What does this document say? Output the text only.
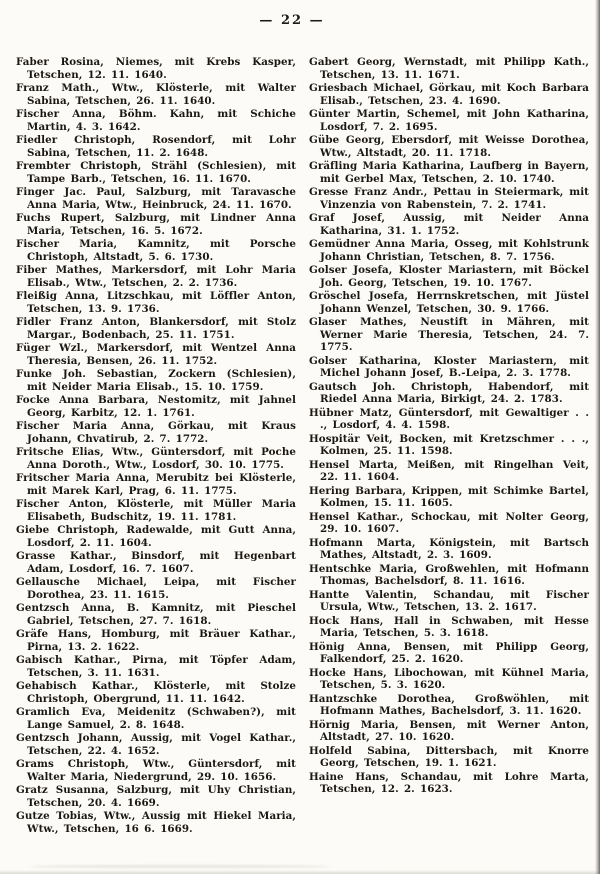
— 22 —

Faber Rosina, Niemes, mit Krebs Kasper, Tetschen, 12. 11. 1640.

Franz Math., Wtw., Klösterle, mit Walter Sabina, Tetschen, 26. 11. 1640.

Fischer Anna, Böhm. Kahn, mit Schiche Martin, 4. 3. 1642.

Fiedler Christoph, Rosendorf, mit Lohr Sabina, Tetschen, 11. 2. 1648.

Frembter Christoph, Strähl (Schlesien), mit Tampe Barb., Tetschen, 16. 11. 1670.

Finger Jac. Paul, Salzburg, mit Taravasche Anna Maria, Wtw., Heinbruck, 24. 11. 1670.

Fuchs Rupert, Salzburg, mit Lindner Anna Maria, Tetschen, 16. 5. 1672.

Fischer Maria, Kamnitz, mit Porsche Christoph, Altstadt, 5. 6. 1730.

Fiber Mathes, Markersdorf, mit Lohr Maria Elisab., Wtw., Tetschen, 2. 2. 1736.

Fleißig Anna, Litzschkau, mit Löffler Anton, Tetschen, 13. 9. 1736.

Fidler Franz Anton, Blankersdorf, mit Stolz Margar., Bodenbach, 25. 11. 1751.

Füger Wzl., Markersdorf, mit Wentzel Anna Theresia, Bensen, 26. 11. 1752.

Funke Joh. Sebastian, Zockern (Schlesien), mit Neider Maria Elisab., 15. 10. 1759.

Focke Anna Barbara, Nestomitz, mit Jahnel Georg, Karbitz, 12. 1. 1761.

Fischer Maria Anna, Görkau, mit Kraus Johann, Chvatirub, 2. 7. 1772.

Fritsche Elias, Wtw., Güntersdorf, mit Poche Anna Doroth., Wtw., Losdorf, 30. 10. 1775.

Fritscher Maria Anna, Merubitz bei Klösterle, mit Marek Karl, Prag, 6. 11. 1775.

Fischer Anton, Klösterle, mit Müller Maria Elisabeth, Budschitz, 19. 11. 1781.

Giebe Christoph, Radewalde, mit Gutt Anna, Losdorf, 2. 11. 1604.

Grasse Kathar., Binsdorf, mit Hegenbart Adam, Losdorf, 16. 7. 1607.

Gellausche Michael, Leipa, mit Fischer Dorothea, 23. 11. 1615.

Gentzsch Anna, B. Kamnitz, mit Pieschel Gabriel, Tetschen, 27. 7. 1618.

Gräfe Hans, Homburg, mit Bräuer Kathar., Pirna, 13. 2. 1622.

Gabisch Kathar., Pirna, mit Töpfer Adam, Tetschen, 3. 11. 1631.

Gehabisch Kathar., Klösterle, mit Stolze Christoph, Obergrund, 11. 11. 1642.

Gramlich Eva, Meidenitz (Schwaben?), mit Lange Samuel, 2. 8. 1648.

Gentzsch Johann, Aussig, mit Vogel Kathar., Tetschen, 22. 4. 1652.

Grams Christoph, Wtw., Güntersdorf, mit Walter Maria, Niedergrund, 29. 10. 1656.

Gratz Susanna, Salzburg, mit Uhy Christian, Tetschen, 20. 4. 1669.

Gutze Tobias, Wtw., Aussig mit Hiekel Maria, Wtw., Tetschen, 16 6. 1669.

Gabert Georg, Wernstadt, mit Philipp Kath., Tetschen, 13. 11. 1671.

Griesbach Michael, Görkau, mit Koch Barbara Elisab., Tetschen, 23. 4. 1690.

Günter Martin, Schemel, mit John Katharina, Losdorf, 7. 2. 1695.

Gübe Georg, Ebersdorf, mit Weisse Dorothea, Wtw., Altstadt, 20. 11. 1718.

Gräfling Maria Katharina, Laufberg in Bayern, mit Gerbel Max, Tetschen, 2. 10. 1740.

Gresse Franz Andr., Pettau in Steiermark, mit Vinzenzia von Rabenstein, 7. 2. 1741.

Graf Josef, Aussig, mit Neider Anna Katharina, 31. 1. 1752.

Gemüdner Anna Maria, Osseg, mit Kohlstrunk Johann Christian, Tetschen, 8. 7. 1756.

Golser Josefa, Kloster Mariastern, mit Böckel Joh. Georg, Tetschen, 19. 10. 1767.

Gröschel Josefa, Herrnskretschen, mit Jüstel Johann Wenzel, Tetschen, 30. 9. 1766.

Glaser Mathes, Neustift in Mähren, mit Werner Marie Theresia, Tetschen, 24. 7. 1775.

Golser Katharina, Kloster Mariastern, mit Michel Johann Josef, B.-Leipa, 2. 3. 1778.

Gautsch Joh. Christoph, Habendorf, mit Riedel Anna Maria, Birkigt, 24. 2. 1783.

Hübner Matz, Güntersdorf, mit Gewaltiger . . ., Losdorf, 4. 4. 1598.

Hospitär Veit, Bocken, mit Kretzschmer . . ., Kolmen, 25. 11. 1598.

Hensel Marta, Meißen, mit Ringelhan Veit, 22. 11. 1604.

Hering Barbara, Krippen, mit Schimke Bartel, Kolmen, 15. 11. 1605.

Hensel Kathar., Schockau, mit Nolter Georg, 29. 10. 1607.

Hofmann Marta, Königstein, mit Bartsch Mathes, Altstadt, 2. 3. 1609.

Hentschke Maria, Großwehlen, mit Hofmann Thomas, Bachelsdorf, 8. 11. 1616.

Hantte Valentin, Schandau, mit Fischer Ursula, Wtw., Tetschen, 13. 2. 1617.

Hock Hans, Hall in Schwaben, mit Hesse Maria, Tetschen, 5. 3. 1618.

Hönig Anna, Bensen, mit Philipp Georg, Falkendorf, 25. 2. 1620.

Hocke Hans, Libochowan, mit Kühnel Maria, Tetschen, 5. 3. 1620.

Hantzschke Dorothea, Großwöhlen, mit Hofmann Mathes, Bachelsdorf, 3. 11. 1620.

Hörnig Maria, Bensen, mit Werner Anton, Altstadt, 27. 10. 1620.

Holfeld Sabina, Dittersbach, mit Knorre Georg, Tetschen, 19. 1. 1621.

Haine Hans, Schandau, mit Lohre Marta, Tetschen, 12. 2. 1623.
